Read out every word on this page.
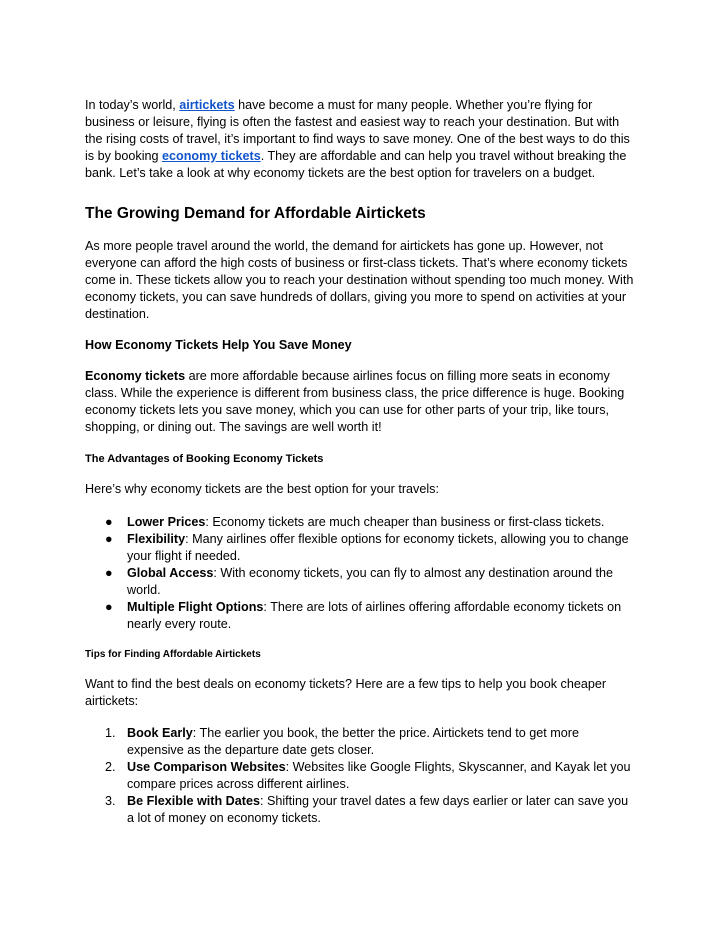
In today’s world, airtickets have become a must for many people. Whether you’re flying for business or leisure, flying is often the fastest and easiest way to reach your destination. But with the rising costs of travel, it’s important to find ways to save money. One of the best ways to do this is by booking economy tickets. They are affordable and can help you travel without breaking the bank. Let’s take a look at why economy tickets are the best option for travelers on a budget.

The Growing Demand for Affordable Airtickets

As more people travel around the world, the demand for airtickets has gone up. However, not everyone can afford the high costs of business or first-class tickets. That’s where economy tickets come in. These tickets allow you to reach your destination without spending too much money. With economy tickets, you can save hundreds of dollars, giving you more to spend on activities at your destination.

How Economy Tickets Help You Save Money

Economy tickets are more affordable because airlines focus on filling more seats in economy class. While the experience is different from business class, the price difference is huge. Booking economy tickets lets you save money, which you can use for other parts of your trip, like tours, shopping, or dining out. The savings are well worth it!

The Advantages of Booking Economy Tickets

Here’s why economy tickets are the best option for your travels:

● Lower Prices: Economy tickets are much cheaper than business or first-class tickets.
● Flexibility: Many airlines offer flexible options for economy tickets, allowing you to change your flight if needed.
● Global Access: With economy tickets, you can fly to almost any destination around the world.
● Multiple Flight Options: There are lots of airlines offering affordable economy tickets on nearly every route.
Tips for Finding Affordable Airtickets

Want to find the best deals on economy tickets? Here are a few tips to help you book cheaper airtickets:

1. Book Early: The earlier you book, the better the price. Airtickets tend to get more expensive as the departure date gets closer.
2. Use Comparison Websites: Websites like Google Flights, Skyscanner, and Kayak let you compare prices across different airlines.
3. Be Flexible with Dates: Shifting your travel dates a few days earlier or later can save you a lot of money on economy tickets.
